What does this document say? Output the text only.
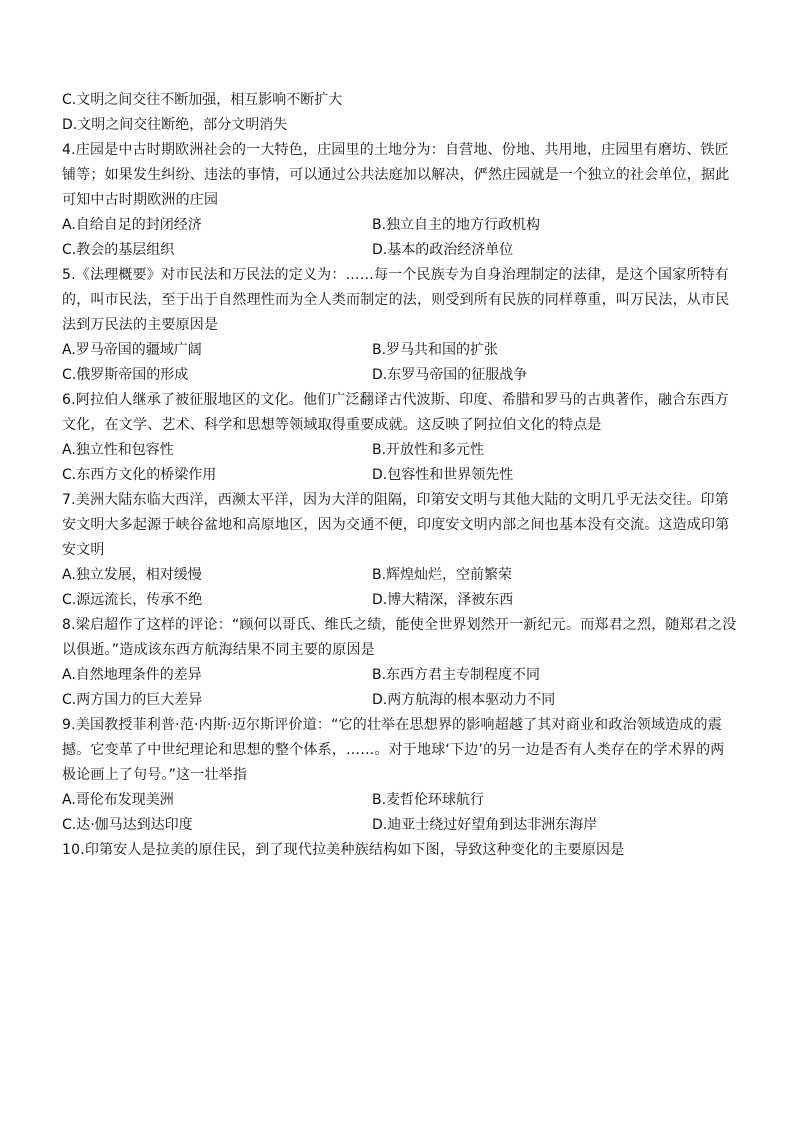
C.文明之间交往不断加强，相互影响不断扩大
D.文明之间交往断绝，部分文明消失
4.庄园是中古时期欧洲社会的一大特色，庄园里的土地分为：自营地、份地、共用地，庄园里有磨坊、铁匠铺等；如果发生纠纷、违法的事情，可以通过公共法庭加以解决，俨然庄园就是一个独立的社会单位，据此可知中古时期欧洲的庄园
A.自给自足的封闭经济	B.独立自主的地方行政机构
C.教会的基层组织	D.基本的政治经济单位
5.《法理概要》对市民法和万民法的定义为：……每一个民族专为自身治理制定的法律，是这个国家所特有的，叫市民法，至于出于自然理性而为全人类而制定的法，则受到所有民族的同样尊重，叫万民法，从市民法到万民法的主要原因是
A.罗马帝国的疆域广阔	B.罗马共和国的扩张
C.俄罗斯帝国的形成	D.东罗马帝国的征服战争
6.阿拉伯人继承了被征服地区的文化。他们广泛翻译古代波斯、印度、希腊和罗马的古典著作，融合东西方文化，在文学、艺术、科学和思想等领域取得重要成就。这反映了阿拉伯文化的特点是
A.独立性和包容性	B.开放性和多元性
C.东西方文化的桥梁作用	D.包容性和世界领先性
7.美洲大陆东临大西洋，西濒太平洋，因为大洋的阻隔，印第安文明与其他大陆的文明几乎无法交往。印第安文明大多起源于峡谷盆地和高原地区，因为交通不便，印度安文明内部之间也基本没有交流。这造成印第安文明
A.独立发展，相对缓慢	B.辉煌灿烂，空前繁荣
C.源远流长，传承不绝	D.博大精深，泽被东西
8.梁启超作了这样的评论：“顾何以哥氏、维氏之绩，能使全世界划然开一新纪元。而郑君之烈，随郑君之没以俱逝。”造成该东西方航海结果不同主要的原因是
A.自然地理条件的差异	B.东西方君主专制程度不同
C.两方国力的巨大差异	D.两方航海的根本驱动力不同
9.美国教授菲利普·范·内斯·迈尔斯评价道：“它的壮举在思想界的影响超越了其对商业和政治领域造成的震撼。它变革了中世纪理论和思想的整个体系，……。对于地球‘下边’的另一边是否有人类存在的学术界的两极论画上了句号。”这一壮举指
A.哥伦布发现美洲	B.麦哲伦环球航行
C.达·伽马达到达印度	D.迪亚士绕过好望角到达非洲东海岸
10.印第安人是拉美的原住民，到了现代拉美种族结构如下图，导致这种变化的主要原因是
